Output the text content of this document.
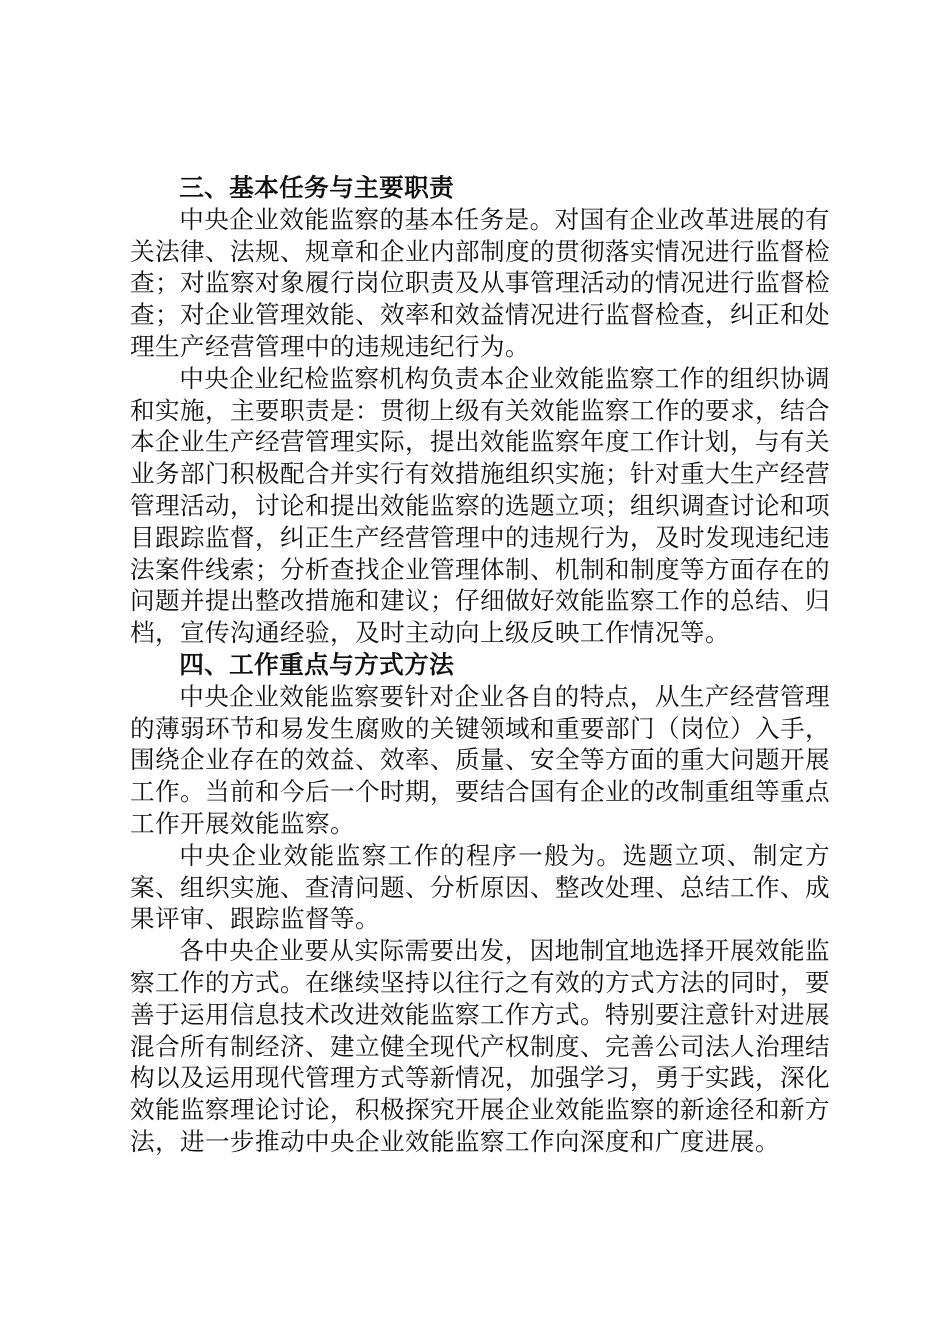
三、基本任务与主要职责

中央企业效能监察的基本任务是。对国有企业改革进展的有关法律、法规、规章和企业内部制度的贯彻落实情况进行监督检查；对监察对象履行岗位职责及从事管理活动的情况进行监督检查；对企业管理效能、效率和效益情况进行监督检查，纠正和处理生产经营管理中的违规违纪行为。

中央企业纪检监察机构负责本企业效能监察工作的组织协调和实施，主要职责是：贯彻上级有关效能监察工作的要求，结合本企业生产经营管理实际，提出效能监察年度工作计划，与有关业务部门积极配合并实行有效措施组织实施；针对重大生产经营管理活动，讨论和提出效能监察的选题立项；组织调查讨论和项目跟踪监督，纠正生产经营管理中的违规行为，及时发现违纪违法案件线索；分析查找企业管理体制、机制和制度等方面存在的问题并提出整改措施和建议；仔细做好效能监察工作的总结、归档，宣传沟通经验，及时主动向上级反映工作情况等。

四、工作重点与方式方法

中央企业效能监察要针对企业各自的特点，从生产经营管理的薄弱环节和易发生腐败的关键领域和重要部门（岗位）入手，围绕企业存在的效益、效率、质量、安全等方面的重大问题开展工作。当前和今后一个时期，要结合国有企业的改制重组等重点工作开展效能监察。

中央企业效能监察工作的程序一般为。选题立项、制定方案、组织实施、查清问题、分析原因、整改处理、总结工作、成果评审、跟踪监督等。

各中央企业要从实际需要出发，因地制宜地选择开展效能监察工作的方式。在继续坚持以往行之有效的方式方法的同时，要善于运用信息技术改进效能监察工作方式。特别要注意针对进展混合所有制经济、建立健全现代产权制度、完善公司法人治理结构以及运用现代管理方式等新情况，加强学习，勇于实践，深化效能监察理论讨论，积极探究开展企业效能监察的新途径和新方法，进一步推动中央企业效能监察工作向深度和广度进展。
